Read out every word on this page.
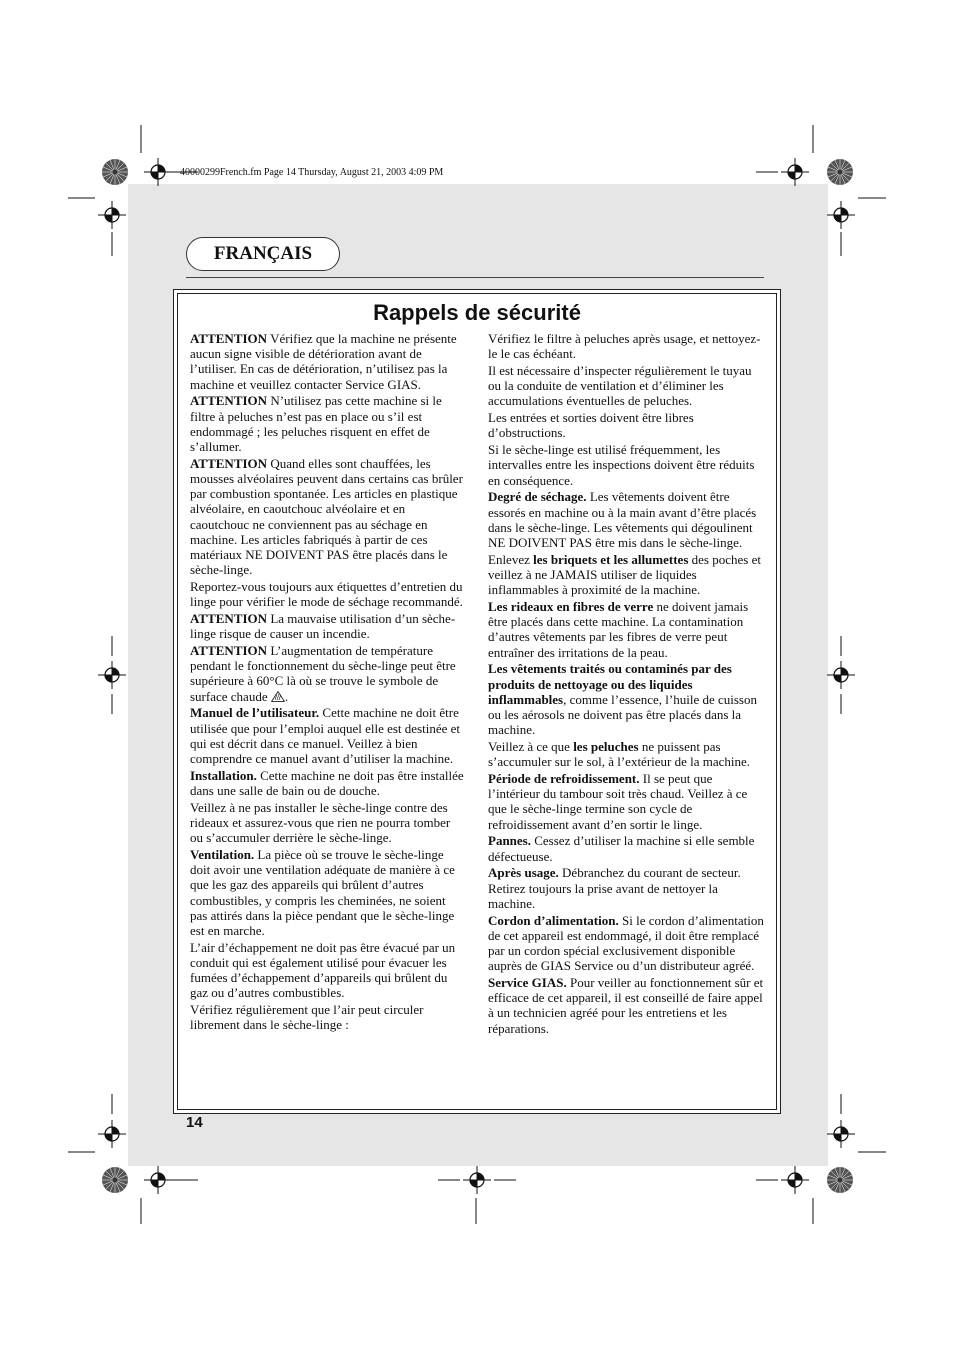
40000299French.fm Page 14 Thursday, August 21, 2003 4:09 PM
FRANÇAIS
Rappels de sécurité

ATTENTION Vérifiez que la machine ne présente aucun signe visible de détérioration avant de l’utiliser. En cas de détérioration, n’utilisez pas la machine et veuillez contacter Service GIAS.

ATTENTION N’utilisez pas cette machine si le filtre à peluches n’est pas en place ou s’il est endommagé ; les peluches risquent en effet de s’allumer.

ATTENTION Quand elles sont chauffées, les mousses alvéolaires peuvent dans certains cas brûler par combustion spontanée. Les articles en plastique alvéolaire, en caoutchouc alvéolaire et en caoutchouc ne conviennent pas au séchage en machine. Les articles fabriqués à partir de ces matériaux NE DOIVENT PAS être placés dans le sèche-linge.

Reportez-vous toujours aux étiquettes d’entretien du linge pour vérifier le mode de séchage recommandé.

ATTENTION La mauvaise utilisation d’un sèche-linge risque de causer un incendie.

ATTENTION L’augmentation de température pendant le fonctionnement du sèche-linge peut être supérieure à 60°C là où se trouve le symbole de surface chaude .

Manuel de l’utilisateur. Cette machine ne doit être utilisée que pour l’emploi auquel elle est destinée et qui est décrit dans ce manuel. Veillez à bien comprendre ce manuel avant d’utiliser la machine.

Installation. Cette machine ne doit pas être installée dans une salle de bain ou de douche.

Veillez à ne pas installer le sèche-linge contre des rideaux et assurez-vous que rien ne pourra tomber ou s’accumuler derrière le sèche-linge.

Ventilation. La pièce où se trouve le sèche-linge doit avoir une ventilation adéquate de manière à ce que les gaz des appareils qui brûlent d’autres combustibles, y compris les cheminées, ne soient pas attirés dans la pièce pendant que le sèche-linge est en marche.

L’air d’échappement ne doit pas être évacué par un conduit qui est également utilisé pour évacuer les fumées d’échappement d’appareils qui brûlent du gaz ou d’autres combustibles.

Vérifiez régulièrement que l’air peut circuler librement dans le sèche-linge :

Vérifiez le filtre à peluches après usage, et nettoyez-le le cas échéant.

Il est nécessaire d’inspecter régulièrement le tuyau ou la conduite de ventilation et d’éliminer les accumulations éventuelles de peluches.

Les entrées et sorties doivent être libres d’obstructions.

Si le sèche-linge est utilisé fréquemment, les intervalles entre les inspections doivent être réduits en conséquence.

Degré de séchage. Les vêtements doivent être essorés en machine ou à la main avant d’être placés dans le sèche-linge. Les vêtements qui dégoulinent NE DOIVENT PAS être mis dans le sèche-linge.

Enlevez les briquets et les allumettes des poches et veillez à ne JAMAIS utiliser de liquides inflammables à proximité de la machine.

Les rideaux en fibres de verre ne doivent jamais être placés dans cette machine. La contamination d’autres vêtements par les fibres de verre peut entraîner des irritations de la peau.

Les vêtements traités ou contaminés par des produits de nettoyage ou des liquides inflammables, comme l’essence, l’huile de cuisson ou les aérosols ne doivent pas être placés dans la machine.

Veillez à ce que les peluches ne puissent pas s’accumuler sur le sol, à l’extérieur de la machine.

Période de refroidissement. Il se peut que l’intérieur du tambour soit très chaud. Veillez à ce que le sèche-linge termine son cycle de refroidissement avant d’en sortir le linge.

Pannes. Cessez d’utiliser la machine si elle semble défectueuse.

Après usage. Débranchez du courant de secteur. Retirez toujours la prise avant de nettoyer la machine.

Cordon d’alimentation. Si le cordon d’alimentation de cet appareil est endommagé, il doit être remplacé par un cordon spécial exclusivement disponible auprès de GIAS Service ou d’un distributeur agréé.

Service GIAS. Pour veiller au fonctionnement sûr et efficace de cet appareil, il est conseillé de faire appel à un technicien agréé pour les entretiens et les réparations.

14
